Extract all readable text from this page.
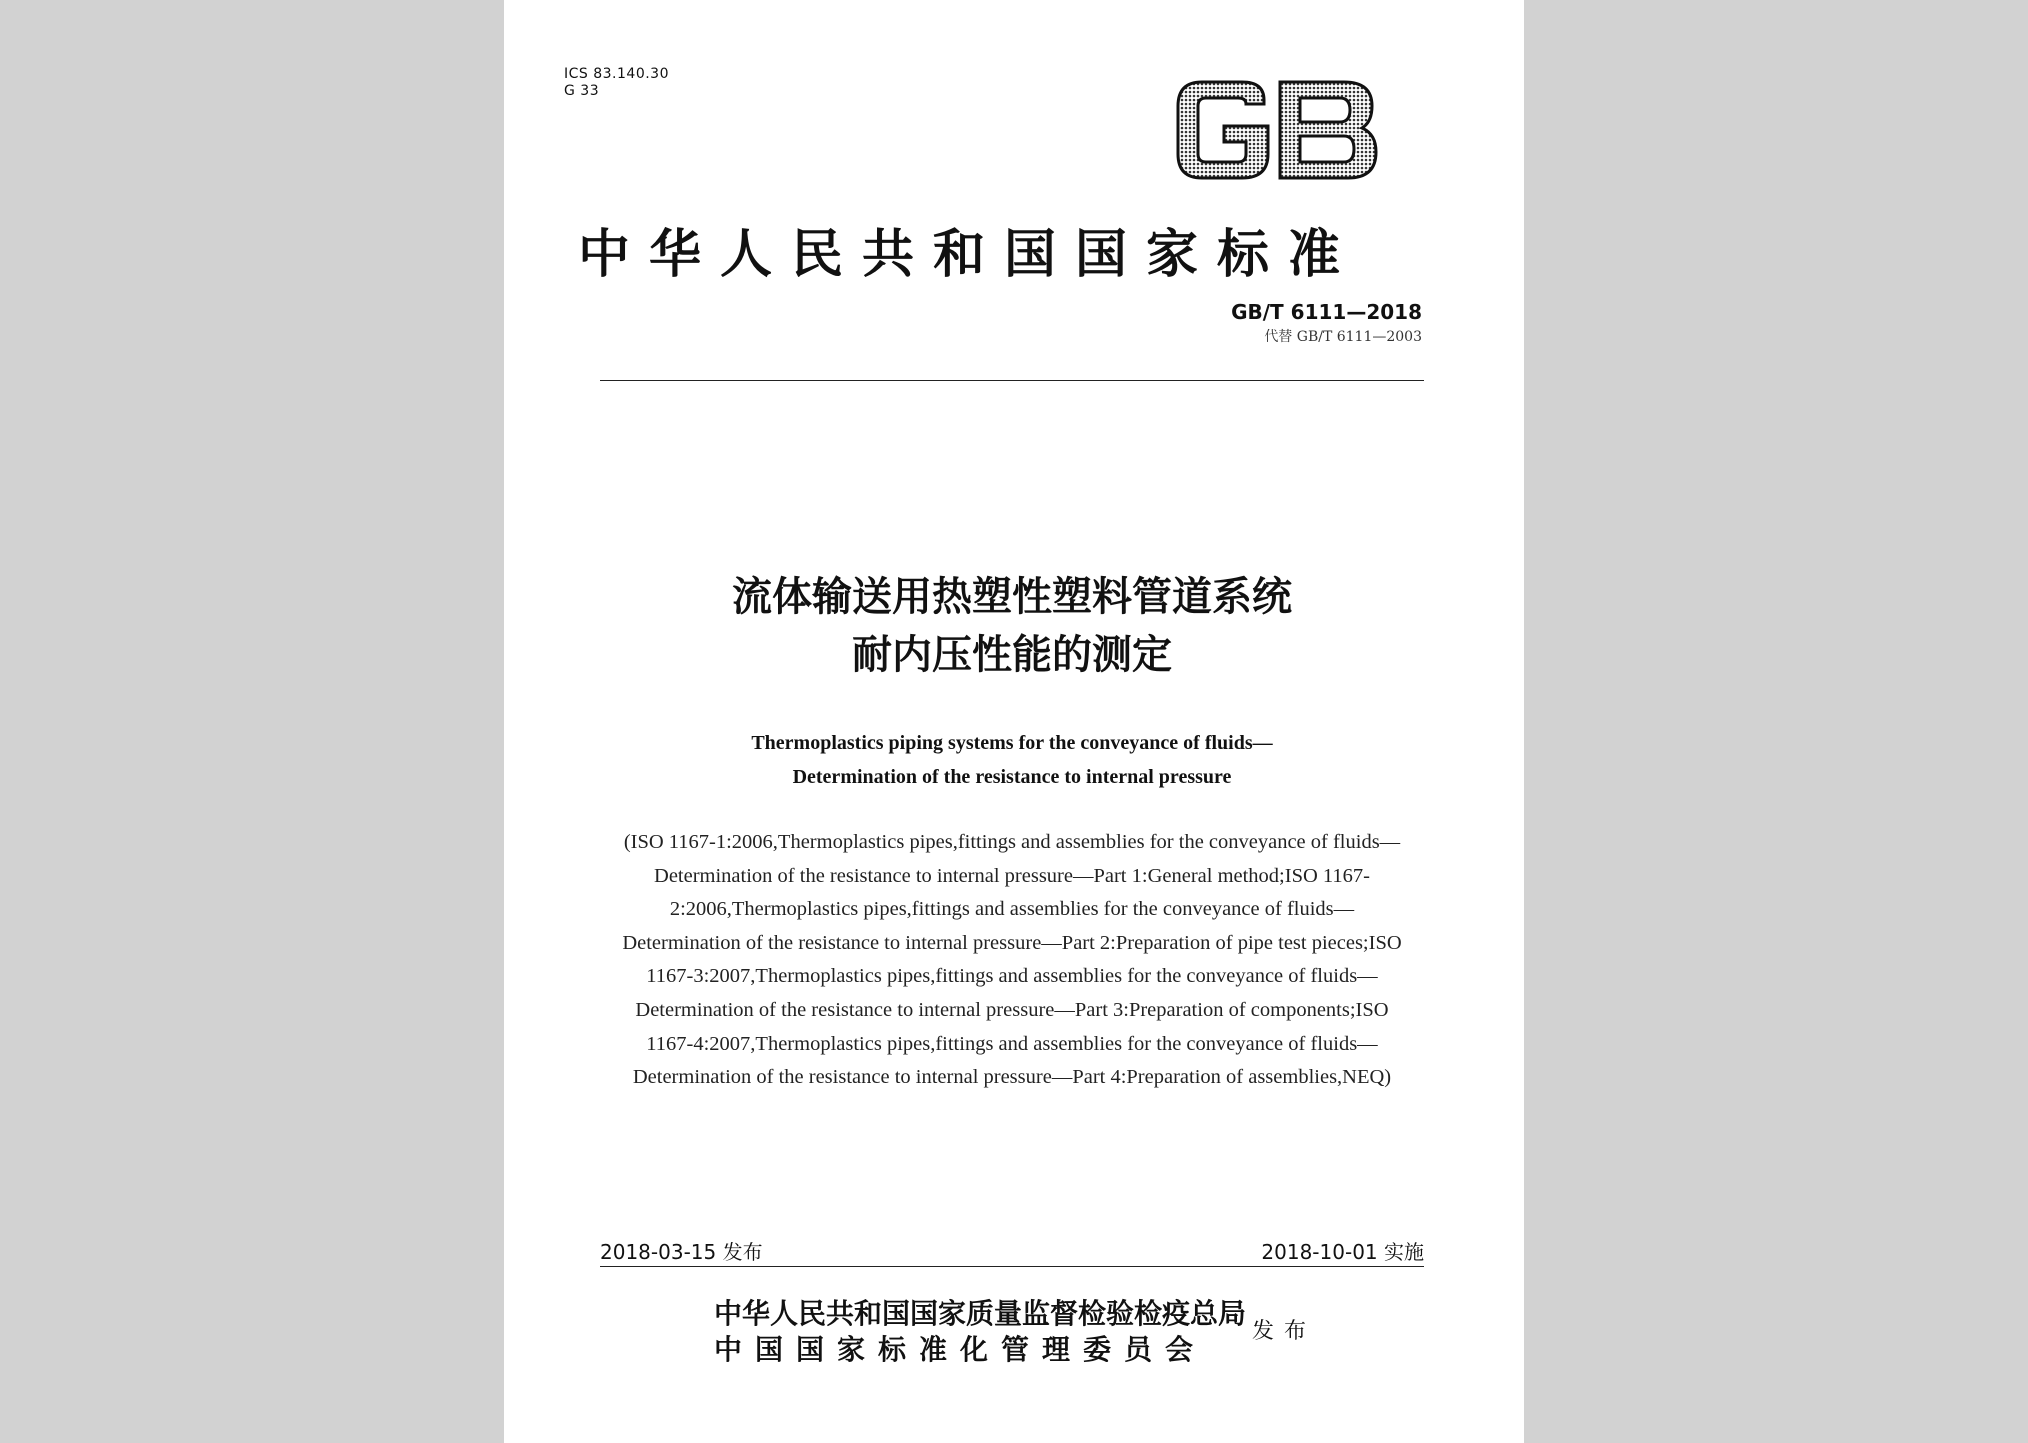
ICS 83.140.30
G 33
中华人民共和国国家标准
GB/T 6111—2018
代替 GB/T 6111—2003
流体输送用热塑性塑料管道系统
耐内压性能的测定
Thermoplastics piping systems for the conveyance of fluids—
Determination of the resistance to internal pressure
(ISO 1167-1:2006,Thermoplastics pipes,fittings and assemblies for the conveyance of fluids—Determination of the resistance to internal pressure—Part 1:General method;ISO 1167-2:2006,Thermoplastics pipes,fittings and assemblies for the conveyance of fluids—Determination of the resistance to internal pressure—Part 2:Preparation of pipe test pieces;ISO 1167-3:2007,Thermoplastics pipes,fittings and assemblies for the conveyance of fluids—Determination of the resistance to internal pressure—Part 3:Preparation of components;ISO 1167-4:2007,Thermoplastics pipes,fittings and assemblies for the conveyance of fluids—Determination of the resistance to internal pressure—Part 4:Preparation of assemblies,NEQ)
2018-03-15 发布	2018-10-01 实施
中华人民共和国国家质量监督检验检疫总局
中国国家标准化管理委员会
发布
